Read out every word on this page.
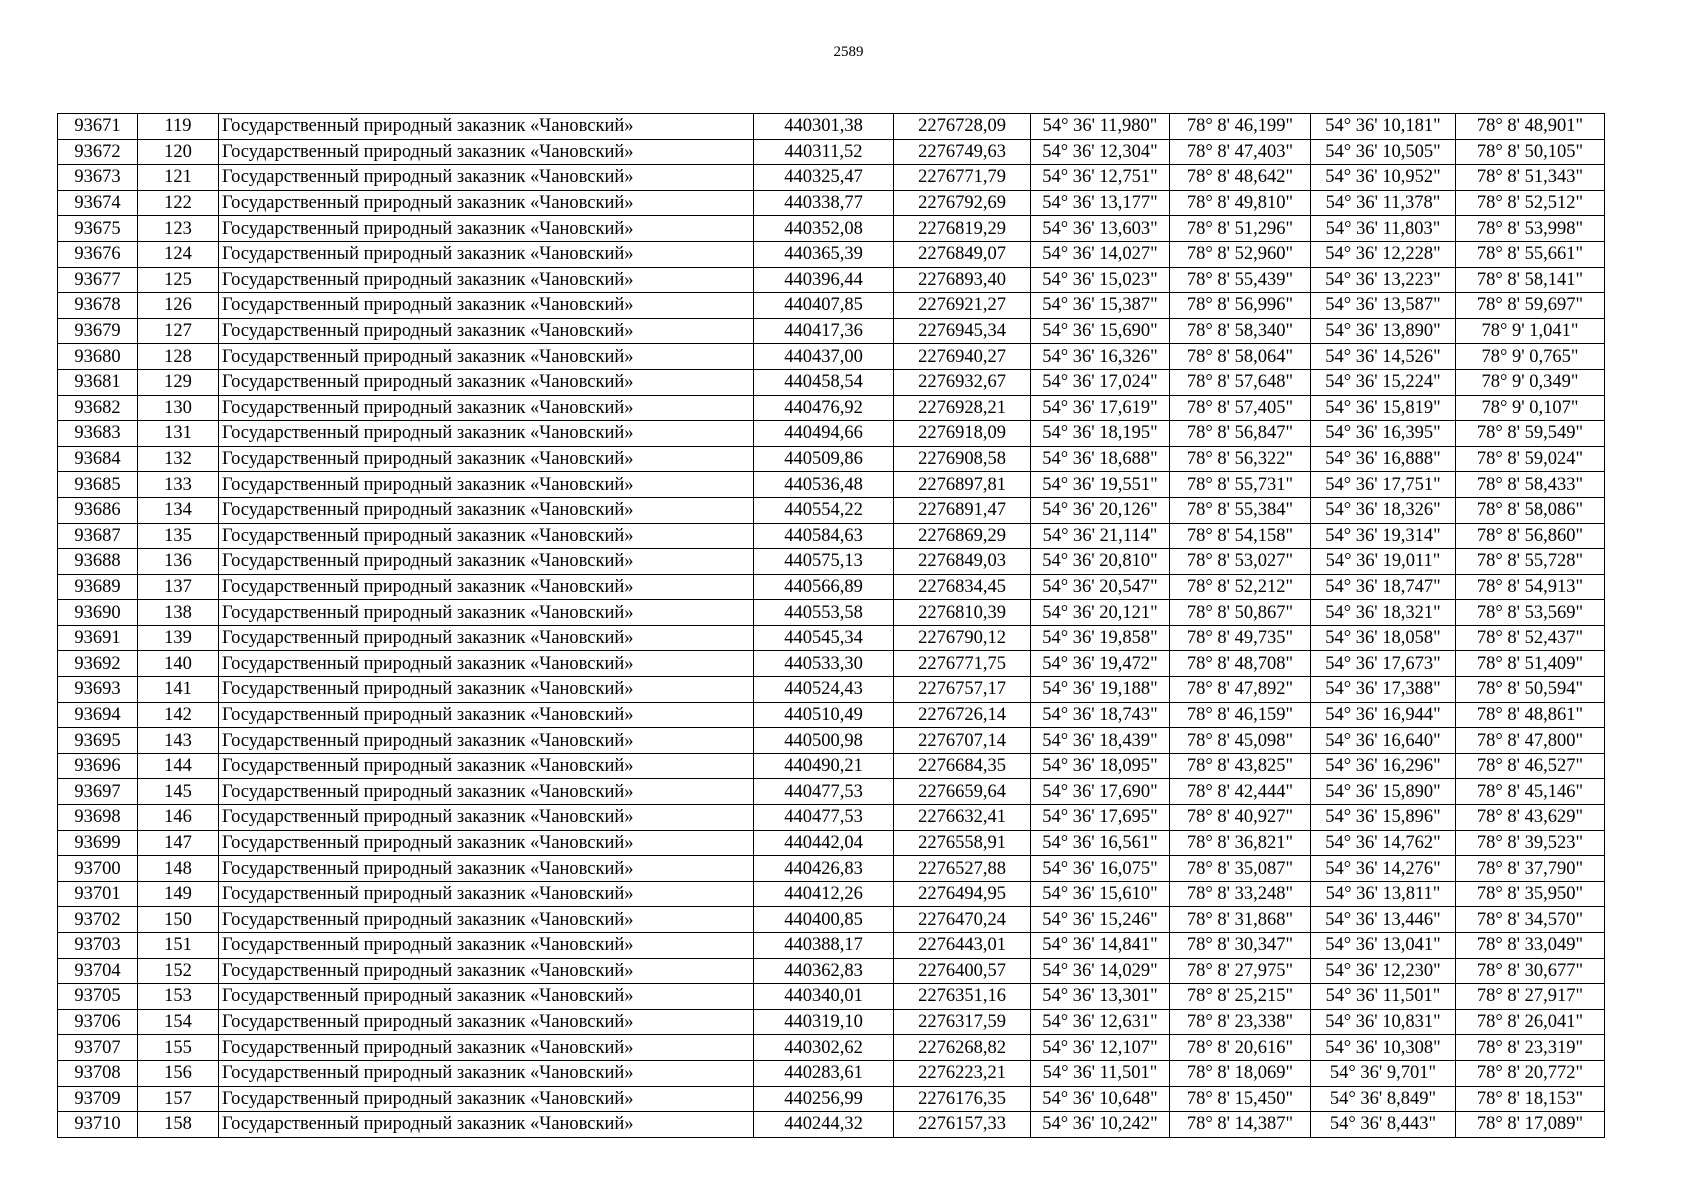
2589
93671	119	Государственный природный заказник «Чановский»	440301,38	2276728,09	54° 36' 11,980"	78° 8' 46,199"	54° 36' 10,181"	78° 8' 48,901"
93672	120	Государственный природный заказник «Чановский»	440311,52	2276749,63	54° 36' 12,304"	78° 8' 47,403"	54° 36' 10,505"	78° 8' 50,105"
93673	121	Государственный природный заказник «Чановский»	440325,47	2276771,79	54° 36' 12,751"	78° 8' 48,642"	54° 36' 10,952"	78° 8' 51,343"
93674	122	Государственный природный заказник «Чановский»	440338,77	2276792,69	54° 36' 13,177"	78° 8' 49,810"	54° 36' 11,378"	78° 8' 52,512"
93675	123	Государственный природный заказник «Чановский»	440352,08	2276819,29	54° 36' 13,603"	78° 8' 51,296"	54° 36' 11,803"	78° 8' 53,998"
93676	124	Государственный природный заказник «Чановский»	440365,39	2276849,07	54° 36' 14,027"	78° 8' 52,960"	54° 36' 12,228"	78° 8' 55,661"
93677	125	Государственный природный заказник «Чановский»	440396,44	2276893,40	54° 36' 15,023"	78° 8' 55,439"	54° 36' 13,223"	78° 8' 58,141"
93678	126	Государственный природный заказник «Чановский»	440407,85	2276921,27	54° 36' 15,387"	78° 8' 56,996"	54° 36' 13,587"	78° 8' 59,697"
93679	127	Государственный природный заказник «Чановский»	440417,36	2276945,34	54° 36' 15,690"	78° 8' 58,340"	54° 36' 13,890"	78° 9' 1,041"
93680	128	Государственный природный заказник «Чановский»	440437,00	2276940,27	54° 36' 16,326"	78° 8' 58,064"	54° 36' 14,526"	78° 9' 0,765"
93681	129	Государственный природный заказник «Чановский»	440458,54	2276932,67	54° 36' 17,024"	78° 8' 57,648"	54° 36' 15,224"	78° 9' 0,349"
93682	130	Государственный природный заказник «Чановский»	440476,92	2276928,21	54° 36' 17,619"	78° 8' 57,405"	54° 36' 15,819"	78° 9' 0,107"
93683	131	Государственный природный заказник «Чановский»	440494,66	2276918,09	54° 36' 18,195"	78° 8' 56,847"	54° 36' 16,395"	78° 8' 59,549"
93684	132	Государственный природный заказник «Чановский»	440509,86	2276908,58	54° 36' 18,688"	78° 8' 56,322"	54° 36' 16,888"	78° 8' 59,024"
93685	133	Государственный природный заказник «Чановский»	440536,48	2276897,81	54° 36' 19,551"	78° 8' 55,731"	54° 36' 17,751"	78° 8' 58,433"
93686	134	Государственный природный заказник «Чановский»	440554,22	2276891,47	54° 36' 20,126"	78° 8' 55,384"	54° 36' 18,326"	78° 8' 58,086"
93687	135	Государственный природный заказник «Чановский»	440584,63	2276869,29	54° 36' 21,114"	78° 8' 54,158"	54° 36' 19,314"	78° 8' 56,860"
93688	136	Государственный природный заказник «Чановский»	440575,13	2276849,03	54° 36' 20,810"	78° 8' 53,027"	54° 36' 19,011"	78° 8' 55,728"
93689	137	Государственный природный заказник «Чановский»	440566,89	2276834,45	54° 36' 20,547"	78° 8' 52,212"	54° 36' 18,747"	78° 8' 54,913"
93690	138	Государственный природный заказник «Чановский»	440553,58	2276810,39	54° 36' 20,121"	78° 8' 50,867"	54° 36' 18,321"	78° 8' 53,569"
93691	139	Государственный природный заказник «Чановский»	440545,34	2276790,12	54° 36' 19,858"	78° 8' 49,735"	54° 36' 18,058"	78° 8' 52,437"
93692	140	Государственный природный заказник «Чановский»	440533,30	2276771,75	54° 36' 19,472"	78° 8' 48,708"	54° 36' 17,673"	78° 8' 51,409"
93693	141	Государственный природный заказник «Чановский»	440524,43	2276757,17	54° 36' 19,188"	78° 8' 47,892"	54° 36' 17,388"	78° 8' 50,594"
93694	142	Государственный природный заказник «Чановский»	440510,49	2276726,14	54° 36' 18,743"	78° 8' 46,159"	54° 36' 16,944"	78° 8' 48,861"
93695	143	Государственный природный заказник «Чановский»	440500,98	2276707,14	54° 36' 18,439"	78° 8' 45,098"	54° 36' 16,640"	78° 8' 47,800"
93696	144	Государственный природный заказник «Чановский»	440490,21	2276684,35	54° 36' 18,095"	78° 8' 43,825"	54° 36' 16,296"	78° 8' 46,527"
93697	145	Государственный природный заказник «Чановский»	440477,53	2276659,64	54° 36' 17,690"	78° 8' 42,444"	54° 36' 15,890"	78° 8' 45,146"
93698	146	Государственный природный заказник «Чановский»	440477,53	2276632,41	54° 36' 17,695"	78° 8' 40,927"	54° 36' 15,896"	78° 8' 43,629"
93699	147	Государственный природный заказник «Чановский»	440442,04	2276558,91	54° 36' 16,561"	78° 8' 36,821"	54° 36' 14,762"	78° 8' 39,523"
93700	148	Государственный природный заказник «Чановский»	440426,83	2276527,88	54° 36' 16,075"	78° 8' 35,087"	54° 36' 14,276"	78° 8' 37,790"
93701	149	Государственный природный заказник «Чановский»	440412,26	2276494,95	54° 36' 15,610"	78° 8' 33,248"	54° 36' 13,811"	78° 8' 35,950"
93702	150	Государственный природный заказник «Чановский»	440400,85	2276470,24	54° 36' 15,246"	78° 8' 31,868"	54° 36' 13,446"	78° 8' 34,570"
93703	151	Государственный природный заказник «Чановский»	440388,17	2276443,01	54° 36' 14,841"	78° 8' 30,347"	54° 36' 13,041"	78° 8' 33,049"
93704	152	Государственный природный заказник «Чановский»	440362,83	2276400,57	54° 36' 14,029"	78° 8' 27,975"	54° 36' 12,230"	78° 8' 30,677"
93705	153	Государственный природный заказник «Чановский»	440340,01	2276351,16	54° 36' 13,301"	78° 8' 25,215"	54° 36' 11,501"	78° 8' 27,917"
93706	154	Государственный природный заказник «Чановский»	440319,10	2276317,59	54° 36' 12,631"	78° 8' 23,338"	54° 36' 10,831"	78° 8' 26,041"
93707	155	Государственный природный заказник «Чановский»	440302,62	2276268,82	54° 36' 12,107"	78° 8' 20,616"	54° 36' 10,308"	78° 8' 23,319"
93708	156	Государственный природный заказник «Чановский»	440283,61	2276223,21	54° 36' 11,501"	78° 8' 18,069"	54° 36' 9,701"	78° 8' 20,772"
93709	157	Государственный природный заказник «Чановский»	440256,99	2276176,35	54° 36' 10,648"	78° 8' 15,450"	54° 36' 8,849"	78° 8' 18,153"
93710	158	Государственный природный заказник «Чановский»	440244,32	2276157,33	54° 36' 10,242"	78° 8' 14,387"	54° 36' 8,443"	78° 8' 17,089"
